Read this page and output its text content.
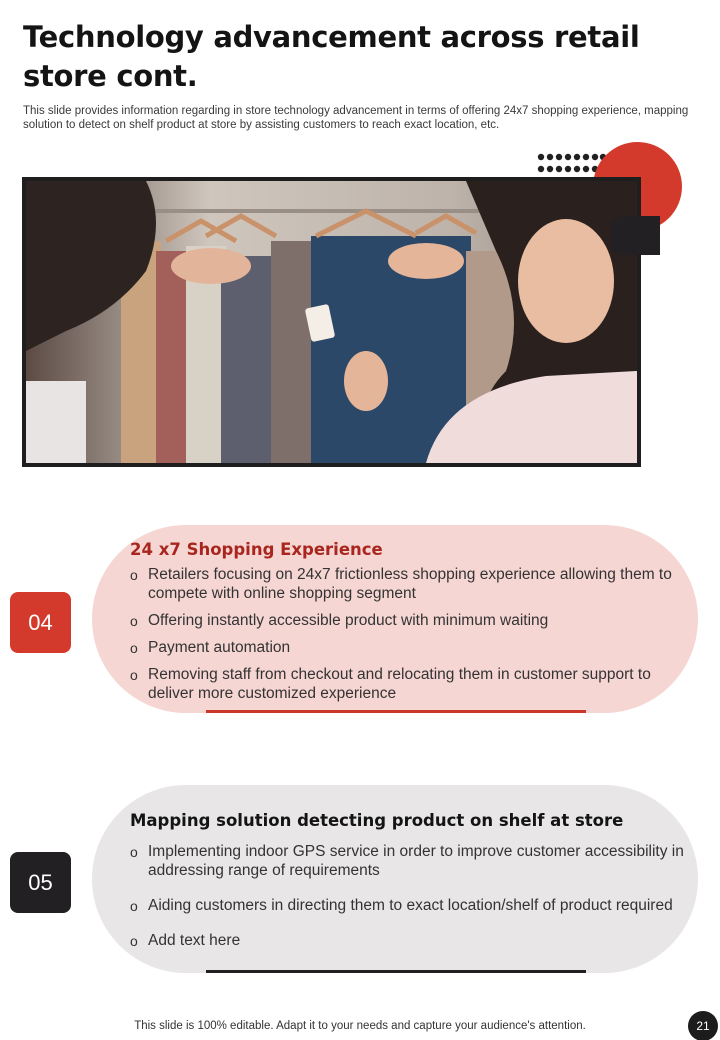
Technology advancement across retail store cont.
This slide provides information regarding in store technology advancement in terms of offering 24x7 shopping experience, mapping solution to detect on shelf product at store by assisting customers to reach exact location, etc.
24 x7 Shopping Experience
o Retailers focusing on 24x7 frictionless shopping experience allowing them to compete with online shopping segment
o Offering instantly accessible product with minimum waiting
o Payment automation
o Removing staff from checkout and relocating them in customer support to deliver more customized experience
04
Mapping solution detecting product on shelf at store
o Implementing indoor GPS service in order to improve customer accessibility in addressing range of requirements
o Aiding customers in directing them to exact location/shelf of product required
o Add text here
05
This slide is 100% editable. Adapt it to your needs and capture your audience's attention.	21
